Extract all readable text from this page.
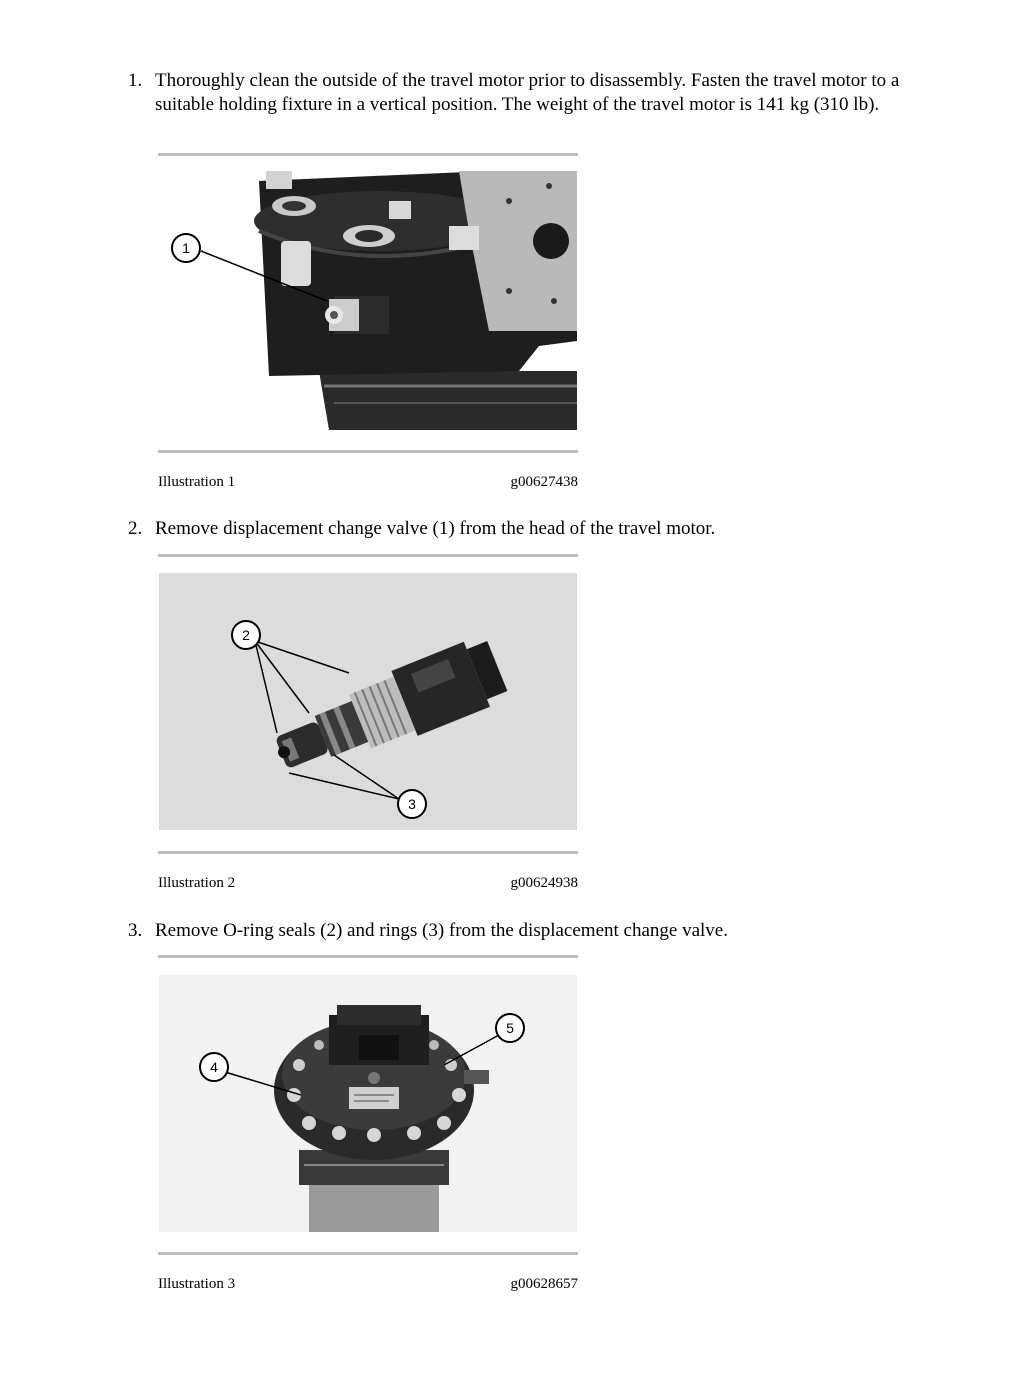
1. Thoroughly clean the outside of the travel motor prior to disassembly. Fasten the travel motor to a suitable holding fixture in a vertical position. The weight of the travel motor is 141 kg (310 lb).
1
Illustration 1	g00627438
2. Remove displacement change valve (1) from the head of the travel motor.
2
3
Illustration 2	g00624938
3. Remove O-ring seals (2) and rings (3) from the displacement change valve.
4
5
Illustration 3	g00628657
